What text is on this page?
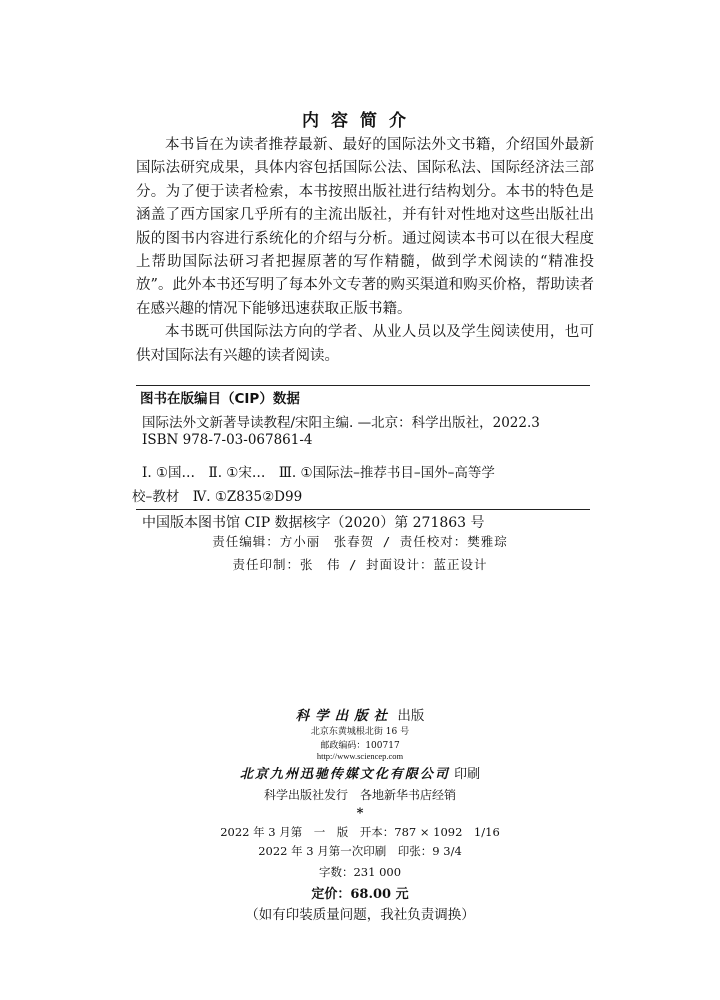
内容简介

本书旨在为读者推荐最新、最好的国际法外文书籍，介绍国外最新国际法研究成果，具体内容包括国际公法、国际私法、国际经济法三部分。为了便于读者检索，本书按照出版社进行结构划分。本书的特色是涵盖了西方国家几乎所有的主流出版社，并有针对性地对这些出版社出版的图书内容进行系统化的介绍与分析。通过阅读本书可以在很大程度上帮助国际法研习者把握原著的写作精髓，做到学术阅读的“精准投放”。此外本书还写明了每本外文专著的购买渠道和购买价格，帮助读者在感兴趣的情况下能够迅速获取正版书籍。

本书既可供国际法方向的学者、从业人员以及学生阅读使用，也可供对国际法有兴趣的读者阅读。

图书在版编目（CIP）数据
国际法外文新著导读教程/宋阳主编. —北京：科学出版社，2022.3
ISBN 978-7-03-067861-4
Ⅰ. ①国…　Ⅱ. ①宋…　Ⅲ. ①国际法–推荐书目–国外–高等学
校–教材　Ⅳ. ①Z835②D99
中国版本图书馆 CIP 数据核字（2020）第 271863 号
责任编辑：方小丽　张春贺 / 责任校对：樊雅琮
责任印制：张　伟 / 封面设计：蓝正设计
科学出版社 出版
北京东黄城根北街 16 号
邮政编码：100717
http://www.sciencep.com
北京九州迅驰传媒文化有限公司 印刷
科学出版社发行　各地新华书店经销
*
2022 年 3 月第　一　版　开本：787 × 1092　1/16
2022 年 3 月第一次印刷　印张：9 3/4
字数：231 000
定价：68.00 元
（如有印装质量问题，我社负责调换）
